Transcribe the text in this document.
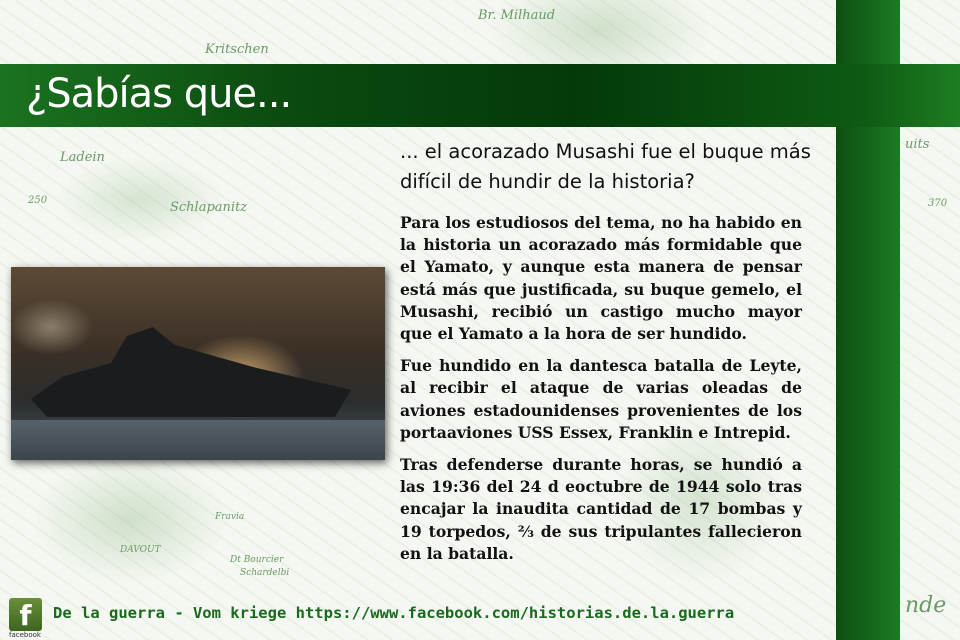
Br. Milhaud
Kritschen
Schlapanitz
Ladein
250	370
DAVOUT
Fravia
Dt Bourcier
Schardelbi
nde
uits
¿Sabías que...
... el acorazado Musashi fue el buque más difícil de hundir de la historia?

Para los estudiosos del tema, no ha habido en la historia un acorazado más formidable que el Yamato, y aunque esta manera de pensar está más que justificada, su buque gemelo, el Musashi, recibió un castigo mucho mayor que el Yamato a la hora de ser hundido.

Fue hundido en la dantesca batalla de Leyte, al recibir el ataque de varias oleadas de aviones estadounidenses provenientes de los portaaviones USS Essex, Franklin e Intrepid.

Tras defenderse durante horas, se hundió a las 19:36 del 24 d eoctubre de 1944 solo tras encajar la inaudita cantidad de 17 bombas y 19 torpedos, ⅔ de sus tripulantes fallecieron en la batalla.

f
facebook
De la guerra - Vom kriege https://www.facebook.com/historias.de.la.guerra
